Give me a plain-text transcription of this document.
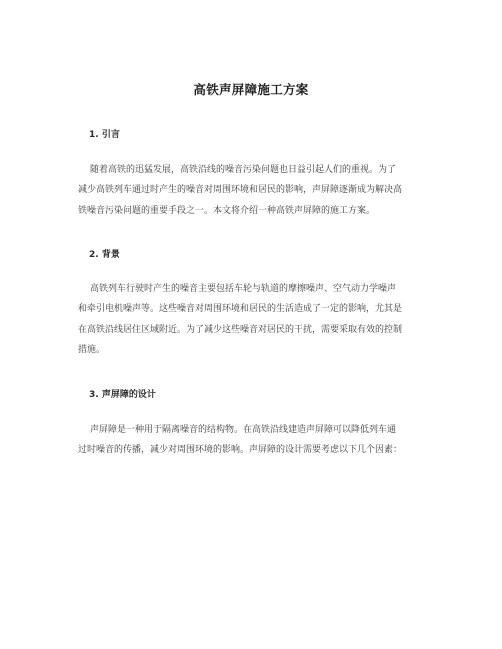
高铁声屏障施工方案
1. 引言

随着高铁的迅猛发展，高铁沿线的噪音污染问题也日益引起人们的重视。为了
减少高铁列车通过时产生的噪音对周围环境和居民的影响，声屏障逐渐成为解决高
铁噪音污染问题的重要手段之一。本文将介绍一种高铁声屏障的施工方案。

2. 背景

高铁列车行驶时产生的噪音主要包括车轮与轨道的摩擦噪声、空气动力学噪声
和牵引电机噪声等。这些噪音对周围环境和居民的生活造成了一定的影响，尤其是
在高铁沿线居住区域附近。为了减少这些噪音对居民的干扰，需要采取有效的控制
措施。

3. 声屏障的设计

声屏障是一种用于隔离噪音的结构物。在高铁沿线建造声屏障可以降低列车通
过时噪音的传播，减少对周围环境的影响。声屏障的设计需要考虑以下几个因素：
